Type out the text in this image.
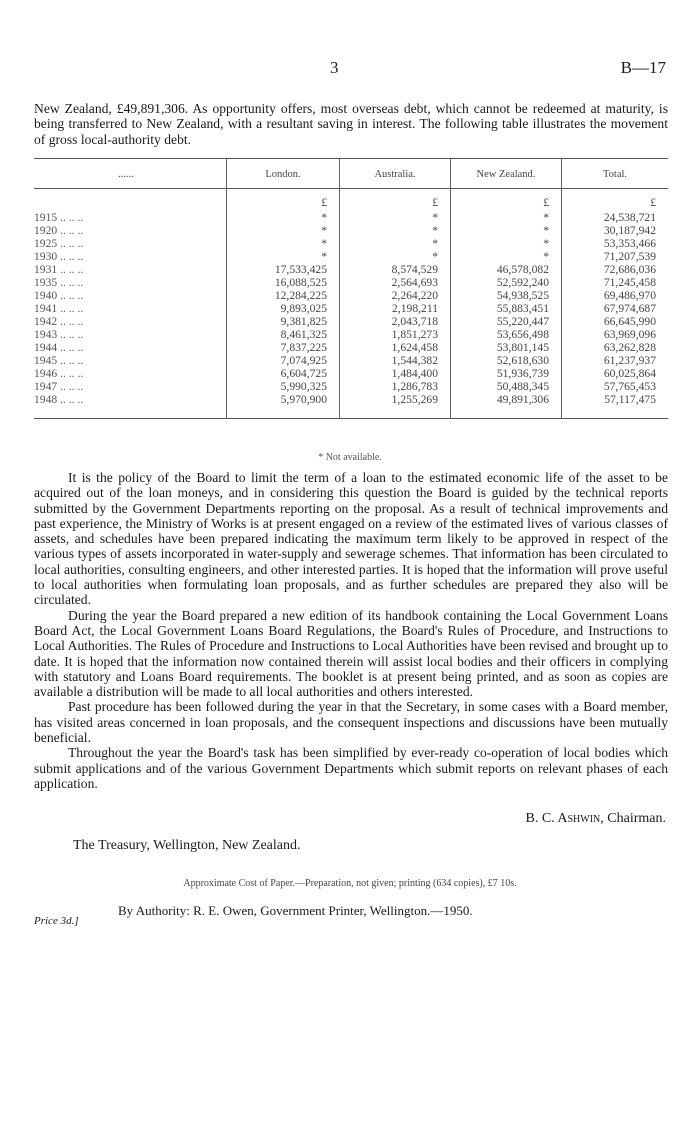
3	B—17
New Zealand, £49,891,306. As opportunity offers, most overseas debt, which cannot be redeemed at maturity, is being transferred to New Zealand, with a resultant saving in interest. The following table illustrates the movement of gross local-authority debt.
......	London.	Australia.	New Zealand.	Total.
	£	£	£	£
1915 .. .. ..	*	*	*	24,538,721
1920 .. .. ..	*	*	*	30,187,942
1925 .. .. ..	*	*	*	53,353,466
1930 .. .. ..	*	*	*	71,207,539
1931 .. .. ..	17,533,425	8,574,529	46,578,082	72,686,036
1935 .. .. ..	16,088,525	2,564,693	52,592,240	71,245,458
1940 .. .. ..	12,284,225	2,264,220	54,938,525	69,486,970
1941 .. .. ..	9,893,025	2,198,211	55,883,451	67,974,687
1942 .. .. ..	9,381,825	2,043,718	55,220,447	66,645,990
1943 .. .. ..	8,461,325	1,851,273	53,656,498	63,969,096
1944 .. .. ..	7,837,225	1,624,458	53,801,145	63,262,828
1945 .. .. ..	7,074,925	1,544,382	52,618,630	61,237,937
1946 .. .. ..	6,604,725	1,484,400	51,936,739	60,025,864
1947 .. .. ..	5,990,325	1,286,783	50,488,345	57,765,453
1948 .. .. ..	5,970,900	1,255,269	49,891,306	57,117,475
* Not available.

It is the policy of the Board to limit the term of a loan to the estimated economic life of the asset to be acquired out of the loan moneys, and in considering this question the Board is guided by the technical reports submitted by the Government Departments reporting on the proposal. As a result of technical improvements and past experience, the Ministry of Works is at present engaged on a review of the estimated lives of various classes of assets, and schedules have been prepared indicating the maximum term likely to be approved in respect of the various types of assets incorporated in water-supply and sewerage schemes. That information has been circulated to local authorities, consulting engineers, and other interested parties. It is hoped that the information will prove useful to local authorities when formulating loan proposals, and as further schedules are prepared they also will be circulated.

During the year the Board prepared a new edition of its handbook containing the Local Government Loans Board Act, the Local Government Loans Board Regulations, the Board's Rules of Procedure, and Instructions to Local Authorities. The Rules of Procedure and Instructions to Local Authorities have been revised and brought up to date. It is hoped that the information now contained therein will assist local bodies and their officers in complying with statutory and Loans Board requirements. The booklet is at present being printed, and as soon as copies are available a distribution will be made to all local authorities and others interested.

Past procedure has been followed during the year in that the Secretary, in some cases with a Board member, has visited areas concerned in loan proposals, and the consequent inspections and discussions have been mutually beneficial.

Throughout the year the Board's task has been simplified by ever-ready co-operation of local bodies which submit applications and of the various Government Departments which submit reports on relevant phases of each application.

B. C. Ashwin, Chairman.
The Treasury, Wellington, New Zealand.
Approximate Cost of Paper.—Preparation, not given; printing (634 copies), £7 10s.
By Authority: R. E. Owen, Government Printer, Wellington.—1950.
Price 3d.]
